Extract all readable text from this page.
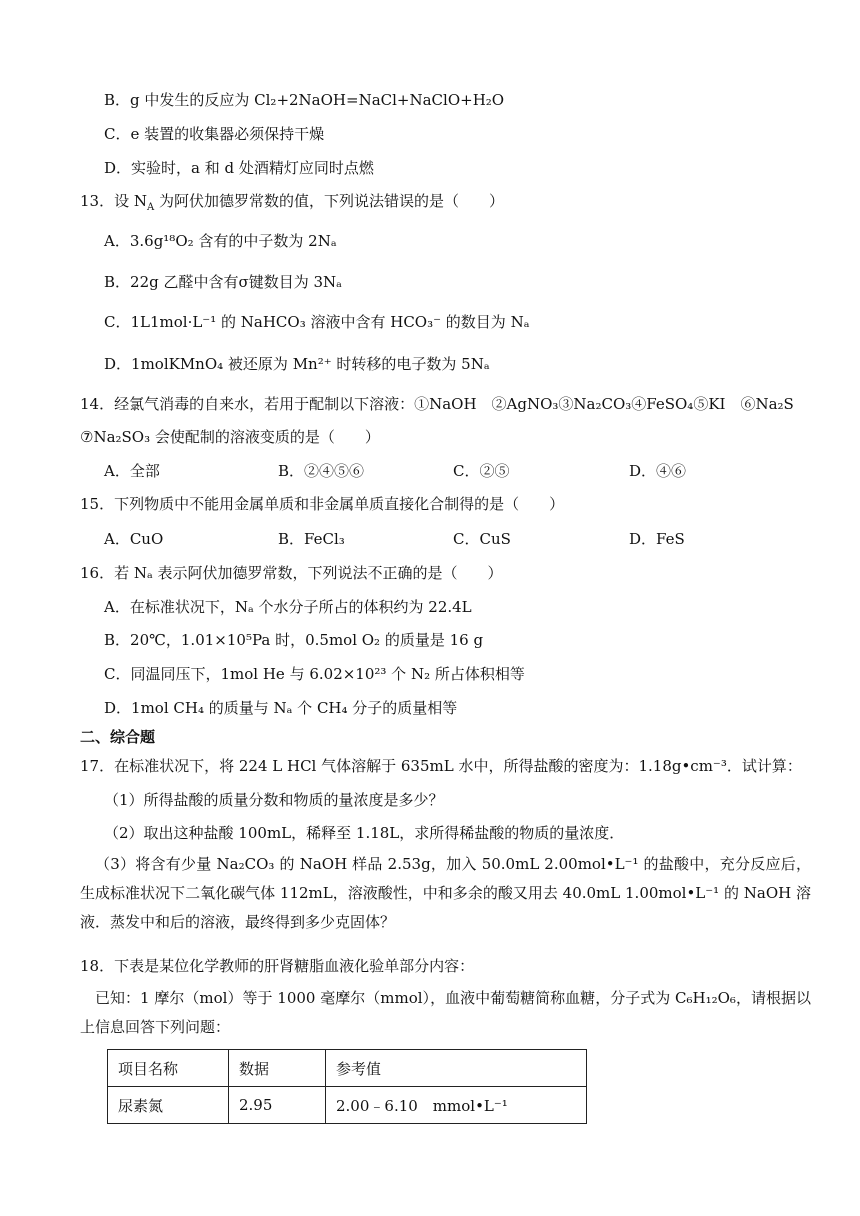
B．g 中发生的反应为 Cl₂+2NaOH=NaCl+NaClO+H₂O
C．e 装置的收集器必须保持干燥
D．实验时，a 和 d 处酒精灯应同时点燃
13．设 $N_A$ 为阿伏加德罗常数的值，下列说法错误的是（　　）
A．3.6g¹⁸O₂ 含有的中子数为 2Nₐ
B．22g 乙醛中含有σ键数目为 3Nₐ
C．1L1mol·L⁻¹ 的 NaHCO₃ 溶液中含有 HCO₃⁻ 的数目为 Nₐ
D．1molKMnO₄ 被还原为 Mn²⁺ 时转移的电子数为 5Nₐ
14．经氯气消毒的自来水，若用于配制以下溶液：①NaOH　②AgNO₃③Na₂CO₃④FeSO₄⑤KI　⑥Na₂S
⑦Na₂SO₃ 会使配制的溶液变质的是（　　）
A．全部	B．②④⑤⑥	C．②⑤	D．④⑥
15．下列物质中不能用金属单质和非金属单质直接化合制得的是（　　）
A．CuO	B．FeCl₃	C．CuS	D．FeS
16．若 Nₐ 表示阿伏加德罗常数，下列说法不正确的是（　　）
A．在标准状况下，Nₐ 个水分子所占的体积约为 22.4L
B．20℃，1.01×10⁵Pa 时，0.5mol O₂ 的质量是 16 g
C．同温同压下，1mol He 与 6.02×10²³ 个 N₂ 所占体积相等
D．1mol CH₄ 的质量与 Nₐ 个 CH₄ 分子的质量相等
二、综合题
17．在标准状况下，将 224 L HCl 气体溶解于 635mL 水中，所得盐酸的密度为：1.18g•cm⁻³．试计算：
（1）所得盐酸的质量分数和物质的量浓度是多少？
（2）取出这种盐酸 100mL，稀释至 1.18L，求所得稀盐酸的物质的量浓度．
（3）将含有少量 Na₂CO₃ 的 NaOH 样品 2.53g，加入 50.0mL 2.00mol•L⁻¹ 的盐酸中，充分反应后，生成标准状况下二氧化碳气体 112mL，溶液酸性，中和多余的酸又用去 40.0mL 1.00mol•L⁻¹ 的 NaOH 溶液．蒸发中和后的溶液，最终得到多少克固体？
18．下表是某位化学教师的肝肾糖脂血液化验单部分内容：
已知：1 摩尔（mol）等于 1000 毫摩尔（mmol），血液中葡萄糖简称血糖，分子式为 C₆H₁₂O₆，请根据以上信息回答下列问题：
项目名称	数据	参考值
尿素氮	2.95	2.00﹣6.10　mmol•L⁻¹
